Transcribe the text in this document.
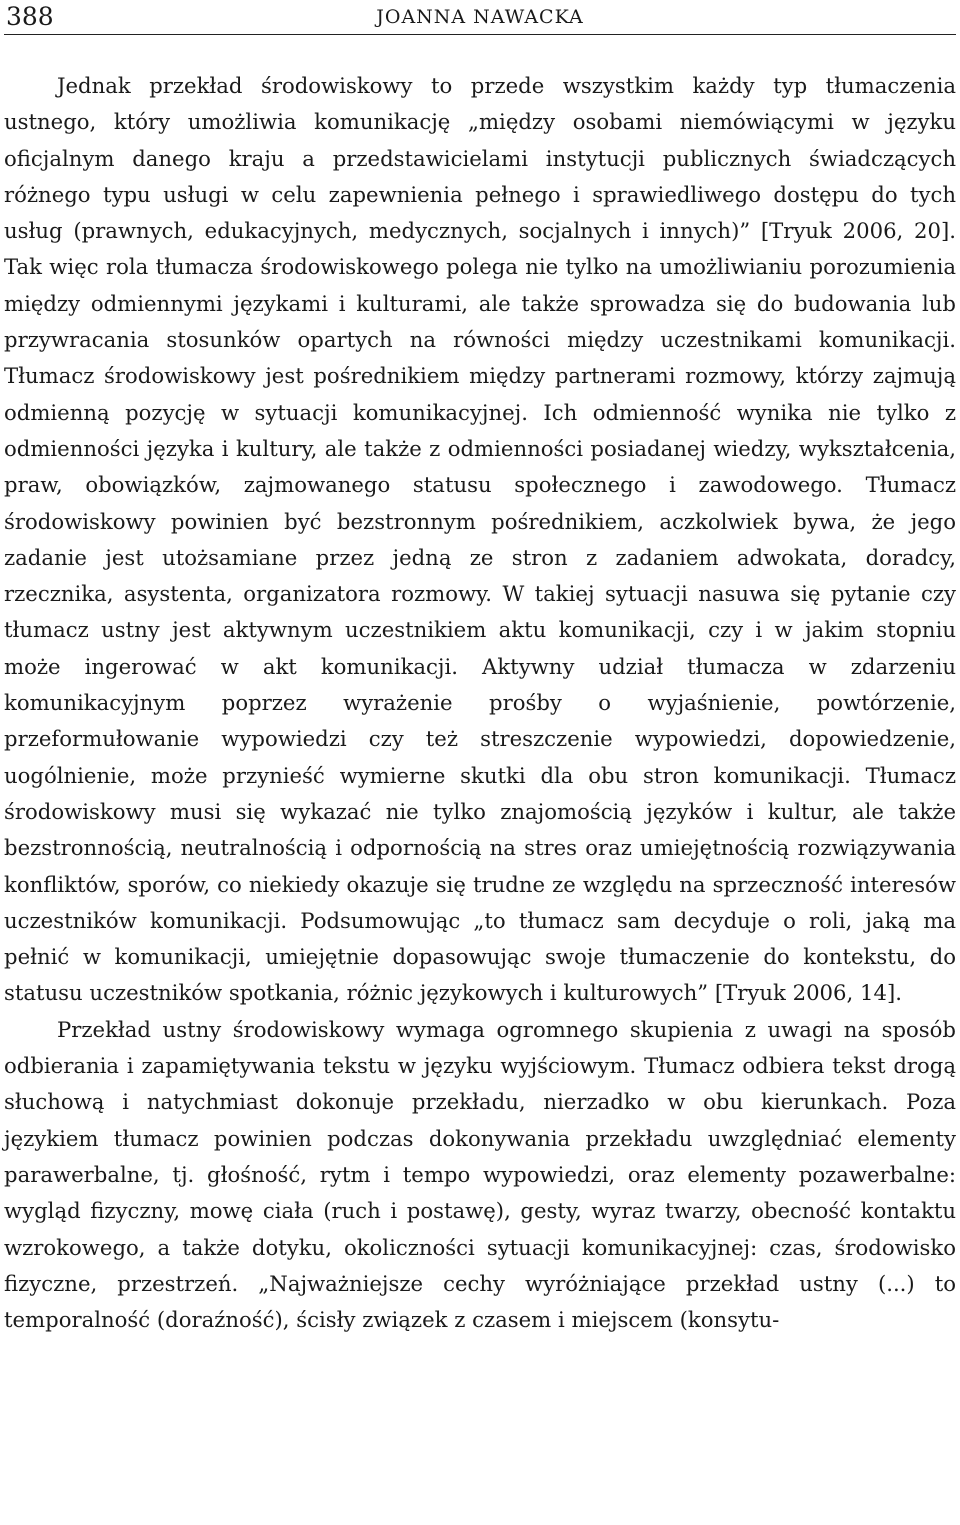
388	JOANNA NAWACKA

Jednak przekład środowiskowy to przede wszystkim każdy typ tłumaczenia ustnego, który umożliwia komunikację „między osobami niemówiącymi w języku oficjalnym danego kraju a przedstawicielami instytucji publicznych świadczących różnego typu usługi w celu zapewnienia pełnego i sprawiedliwego dostępu do tych usług (prawnych, edukacyjnych, medycznych, socjalnych i innych)” [Tryuk 2006, 20]. Tak więc rola tłumacza środowiskowego polega nie tylko na umożliwianiu porozumienia między odmiennymi językami i kulturami, ale także sprowadza się do budowania lub przywracania stosunków opartych na równości między uczestnikami komunikacji. Tłumacz środowiskowy jest pośrednikiem między partnerami rozmowy, którzy zajmują odmienną pozycję w sytuacji komunikacyjnej. Ich odmienność wynika nie tylko z odmienności języka i kultury, ale także z odmienności posiadanej wiedzy, wykształcenia, praw, obowiązków, zajmowanego statusu społecznego i zawodowego. Tłumacz środowiskowy powinien być bezstronnym pośrednikiem, aczkolwiek bywa, że jego zadanie jest utożsamiane przez jedną ze stron z zadaniem adwokata, doradcy, rzecznika, asystenta, organizatora rozmowy. W takiej sytuacji nasuwa się pytanie czy tłumacz ustny jest aktywnym uczestnikiem aktu komunikacji, czy i w jakim stopniu może ingerować w akt komunikacji. Aktywny udział tłumacza w zdarzeniu komunikacyjnym poprzez wyrażenie prośby o wyjaśnienie, powtórzenie, przeformułowanie wypowiedzi czy też streszczenie wypowiedzi, dopowiedzenie, uogólnienie, może przynieść wymierne skutki dla obu stron komunikacji. Tłumacz środowiskowy musi się wykazać nie tylko znajomością języków i kultur, ale także bezstronnością, neutralnością i odpornością na stres oraz umiejętnością rozwiązywania konfliktów, sporów, co niekiedy okazuje się trudne ze względu na sprzeczność interesów uczestników komunikacji. Podsumowując „to tłumacz sam decyduje o roli, jaką ma pełnić w komunikacji, umiejętnie dopasowując swoje tłumaczenie do kontekstu, do statusu uczestników spotkania, różnic językowych i kulturowych” [Tryuk 2006, 14].

Przekład ustny środowiskowy wymaga ogromnego skupienia z uwagi na sposób odbierania i zapamiętywania tekstu w języku wyjściowym. Tłumacz odbiera tekst drogą słuchową i natychmiast dokonuje przekładu, nierzadko w obu kierunkach. Poza językiem tłumacz powinien podczas dokonywania przekładu uwzględniać elementy parawerbalne, tj. głośność, rytm i tempo wypowiedzi, oraz elementy pozawerbalne: wygląd fizyczny, mowę ciała (ruch i postawę), gesty, wyraz twarzy, obecność kontaktu wzrokowego, a także dotyku, okoliczności sytuacji komunikacyjnej: czas, środowisko fizyczne, przestrzeń. „Najważniejsze cechy wyróżniające przekład ustny (...) to temporalność (doraźność), ścisły związek z czasem i miejscem (konsytu-
